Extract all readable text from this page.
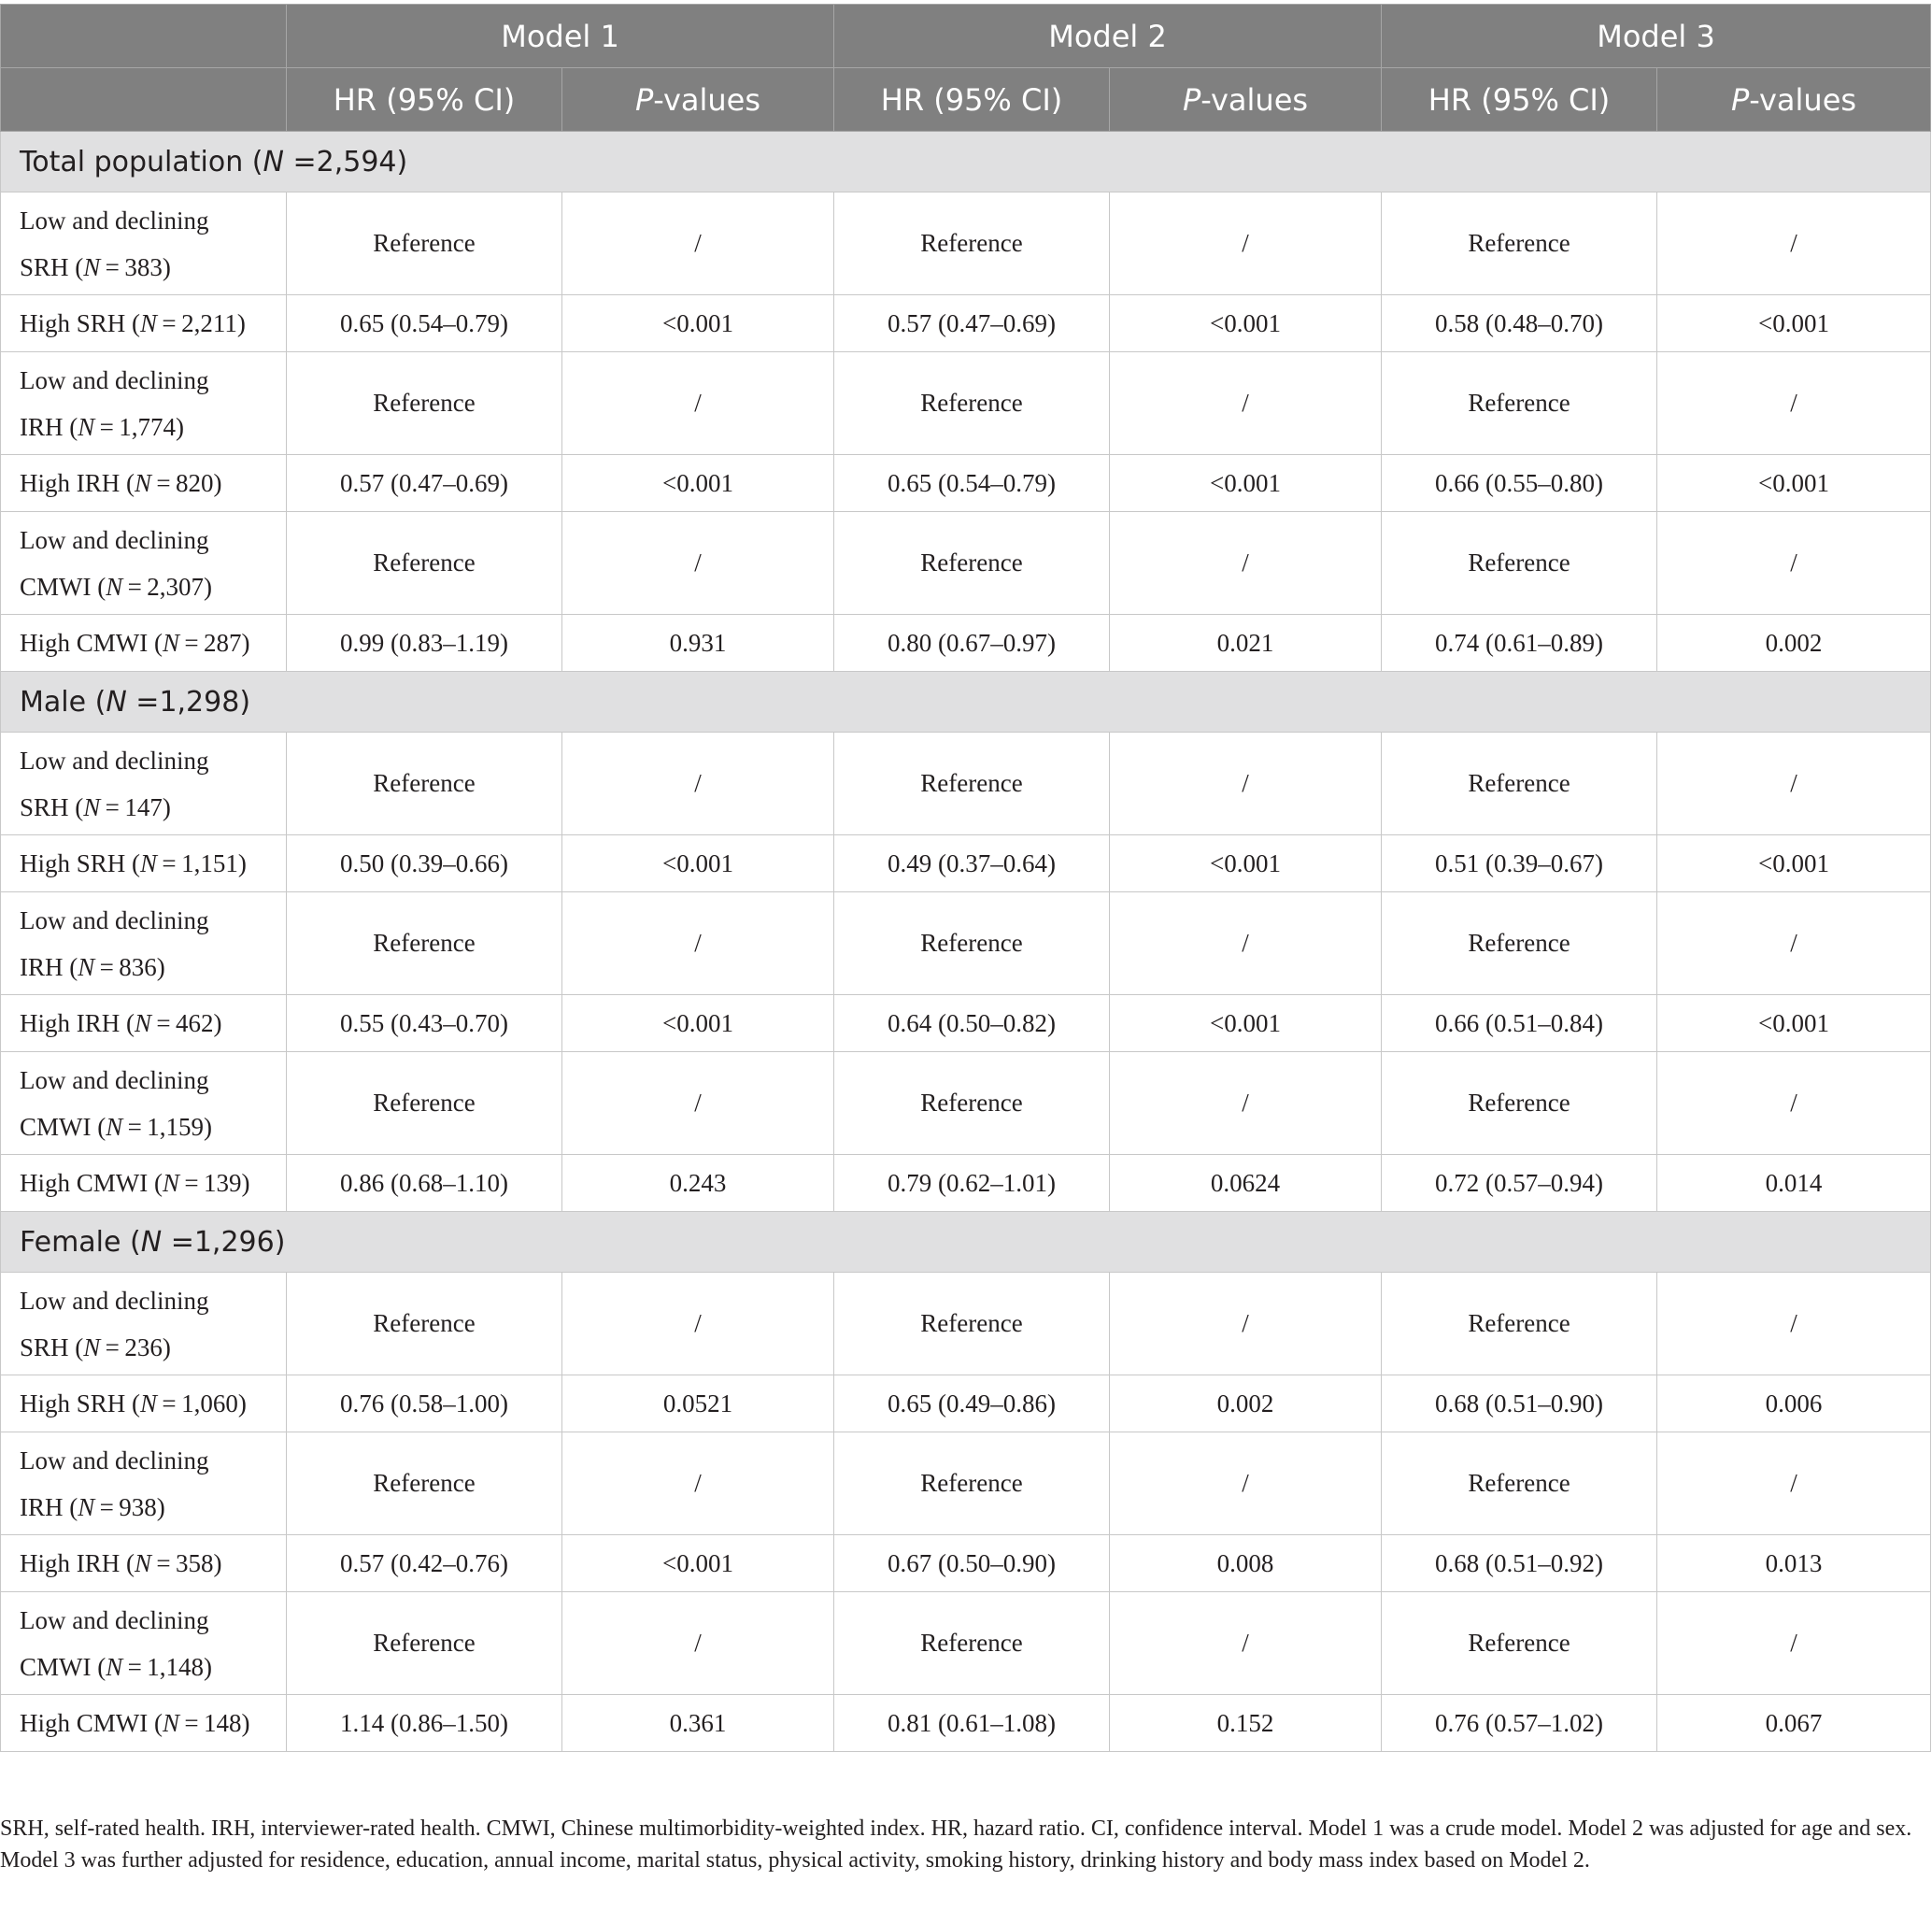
	Model 1		Model 2		Model 3	
	HR (95% CI)	P-values	HR (95% CI)	P-values	HR (95% CI)	P-values
Total population (N =2,594)						

Low and declining
SRH (N = 383)	Reference	/	Reference	/	Reference	/
High SRH (N = 2,211)	0.65 (0.54–0.79)	<0.001	0.57 (0.47–0.69)	<0.001	0.58 (0.48–0.70)	<0.001

Low and declining
IRH (N = 1,774)	Reference	/	Reference	/	Reference	/
High IRH (N = 820)	0.57 (0.47–0.69)	<0.001	0.65 (0.54–0.79)	<0.001	0.66 (0.55–0.80)	<0.001

Low and declining
CMWI (N = 2,307)	Reference	/	Reference	/	Reference	/
High CMWI (N = 287)	0.99 (0.83–1.19)	0.931	0.80 (0.67–0.97)	0.021	0.74 (0.61–0.89)	0.002
Male (N =1,298)						

Low and declining
SRH (N = 147)	Reference	/	Reference	/	Reference	/
High SRH (N = 1,151)	0.50 (0.39–0.66)	<0.001	0.49 (0.37–0.64)	<0.001	0.51 (0.39–0.67)	<0.001

Low and declining
IRH (N = 836)	Reference	/	Reference	/	Reference	/
High IRH (N = 462)	0.55 (0.43–0.70)	<0.001	0.64 (0.50–0.82)	<0.001	0.66 (0.51–0.84)	<0.001

Low and declining
CMWI (N = 1,159)	Reference	/	Reference	/	Reference	/
High CMWI (N = 139)	0.86 (0.68–1.10)	0.243	0.79 (0.62–1.01)	0.0624	0.72 (0.57–0.94)	0.014
Female (N =1,296)						

Low and declining
SRH (N = 236)	Reference	/	Reference	/	Reference	/
High SRH (N = 1,060)	0.76 (0.58–1.00)	0.0521	0.65 (0.49–0.86)	0.002	0.68 (0.51–0.90)	0.006

Low and declining
IRH (N = 938)	Reference	/	Reference	/	Reference	/
High IRH (N = 358)	0.57 (0.42–0.76)	<0.001	0.67 (0.50–0.90)	0.008	0.68 (0.51–0.92)	0.013

Low and declining
CMWI (N = 1,148)	Reference	/	Reference	/	Reference	/
High CMWI (N = 148)	1.14 (0.86–1.50)	0.361	0.81 (0.61–1.08)	0.152	0.76 (0.57–1.02)	0.067
SRH, self-rated health. IRH, interviewer-rated health. CMWI, Chinese multimorbidity-weighted index. HR, hazard ratio. CI, confidence interval. Model 1 was a crude model. Model 2 was adjusted for age and sex. Model 3 was further adjusted for residence, education, annual income, marital status, physical activity, smoking history, drinking history and body mass index based on Model 2.
